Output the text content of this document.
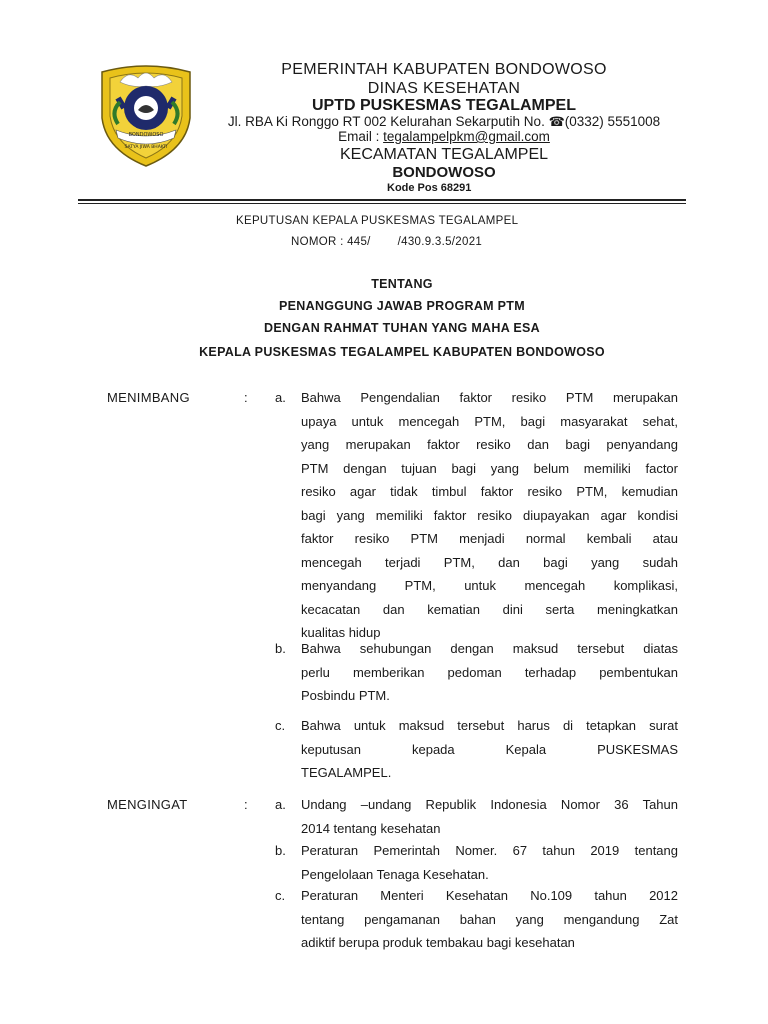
BONDOWOSO
SATYA JIWA BHAKTI
PEMERINTAH KABUPATEN BONDOWOSO
DINAS KESEHATAN
UPTD PUSKESMAS TEGALAMPEL
Jl. RBA Ki Ronggo RT 002 Kelurahan Sekarputih No. ☎(0332) 5551008
Email : tegalampelpkm@gmail.com
KECAMATAN TEGALAMPEL
BONDOWOSO
Kode Pos 68291
KEPUTUSAN KEPALA PUSKESMAS TEGALAMPEL
NOMOR : 445/ /430.9.3.5/2021
TENTANG
PENANGGUNG JAWAB PROGRAM PTM
DENGAN RAHMAT TUHAN YANG MAHA ESA
KEPALA PUSKESMAS TEGALAMPEL KABUPATEN BONDOWOSO
MENIMBANG	: a. Bahwa Pengendalian faktor resiko PTM merupakan
upaya untuk mencegah PTM, bagi masyarakat sehat,
yang merupakan faktor resiko dan bagi penyandang
PTM dengan tujuan bagi yang belum memiliki factor
resiko agar tidak timbul faktor resiko PTM, kemudian
bagi yang memiliki faktor resiko diupayakan agar kondisi
faktor resiko PTM menjadi normal kembali atau
mencegah terjadi PTM, dan bagi yang sudah
menyandang PTM, untuk mencegah komplikasi,
kecacatan dan kematian dini serta meningkatkan
kualitas hidup
b. Bahwa sehubungan dengan maksud tersebut diatas
perlu memberikan pedoman terhadap pembentukan
Posbindu PTM.
c. Bahwa untuk maksud tersebut harus di tetapkan surat
keputusan kepada Kepala PUSKESMAS
TEGALAMPEL.
MENGINGAT	: a. Undang –undang Republik Indonesia Nomor 36 Tahun
2014 tentang kesehatan
b. Peraturan Pemerintah Nomer. 67 tahun 2019 tentang
Pengelolaan Tenaga Kesehatan.
c. Peraturan Menteri Kesehatan No.109 tahun 2012
tentang pengamanan bahan yang mengandung Zat
adiktif berupa produk tembakau bagi kesehatan
